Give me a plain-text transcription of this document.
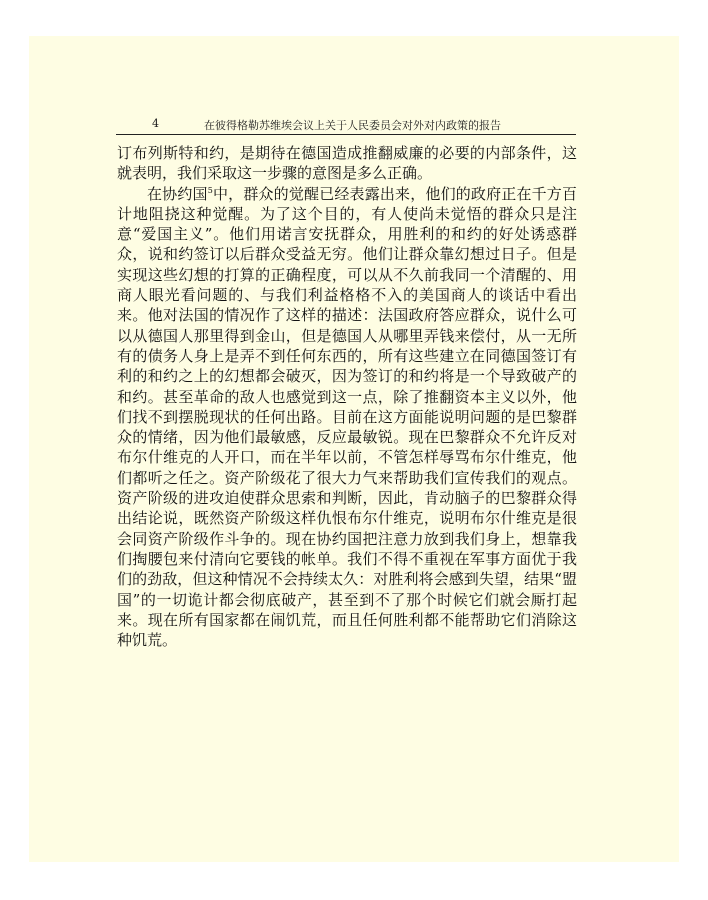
4	在彼得格勒苏维埃会议上关于人民委员会对外对内政策的报告

订布列斯特和约，是期待在德国造成推翻威廉的必要的内部条件，这就表明，我们采取这一步骤的意图是多么正确。

在协约国$^5$中，群众的觉醒已经表露出来，他们的政府正在千方百计地阻挠这种觉醒。为了这个目的，有人使尚未觉悟的群众只是注意“爱国主义”。他们用诺言安抚群众，用胜利的和约的好处诱惑群众，说和约签订以后群众受益无穷。他们让群众靠幻想过日子。但是实现这些幻想的打算的正确程度，可以从不久前我同一个清醒的、用商人眼光看问题的、与我们利益格格不入的美国商人的谈话中看出来。他对法国的情况作了这样的描述：法国政府答应群众，说什么可以从德国人那里得到金山，但是德国人从哪里弄钱来偿付，从一无所有的债务人身上是弄不到任何东西的，所有这些建立在同德国签订有利的和约之上的幻想都会破灭，因为签订的和约将是一个导致破产的和约。甚至革命的敌人也感觉到这一点，除了推翻资本主义以外，他们找不到摆脱现状的任何出路。目前在这方面能说明问题的是巴黎群众的情绪，因为他们最敏感，反应最敏锐。现在巴黎群众不允许反对布尔什维克的人开口，而在半年以前，不管怎样辱骂布尔什维克，他们都听之任之。资产阶级花了很大力气来帮助我们宣传我们的观点。资产阶级的进攻迫使群众思索和判断，因此，肯动脑子的巴黎群众得出结论说，既然资产阶级这样仇恨布尔什维克，说明布尔什维克是很会同资产阶级作斗争的。现在协约国把注意力放到我们身上，想靠我们掏腰包来付清向它要钱的帐单。我们不得不重视在军事方面优于我们的劲敌，但这种情况不会持续太久：对胜利将会感到失望，结果“盟国”的一切诡计都会彻底破产，甚至到不了那个时候它们就会厮打起来。现在所有国家都在闹饥荒，而且任何胜利都不能帮助它们消除这种饥荒。
